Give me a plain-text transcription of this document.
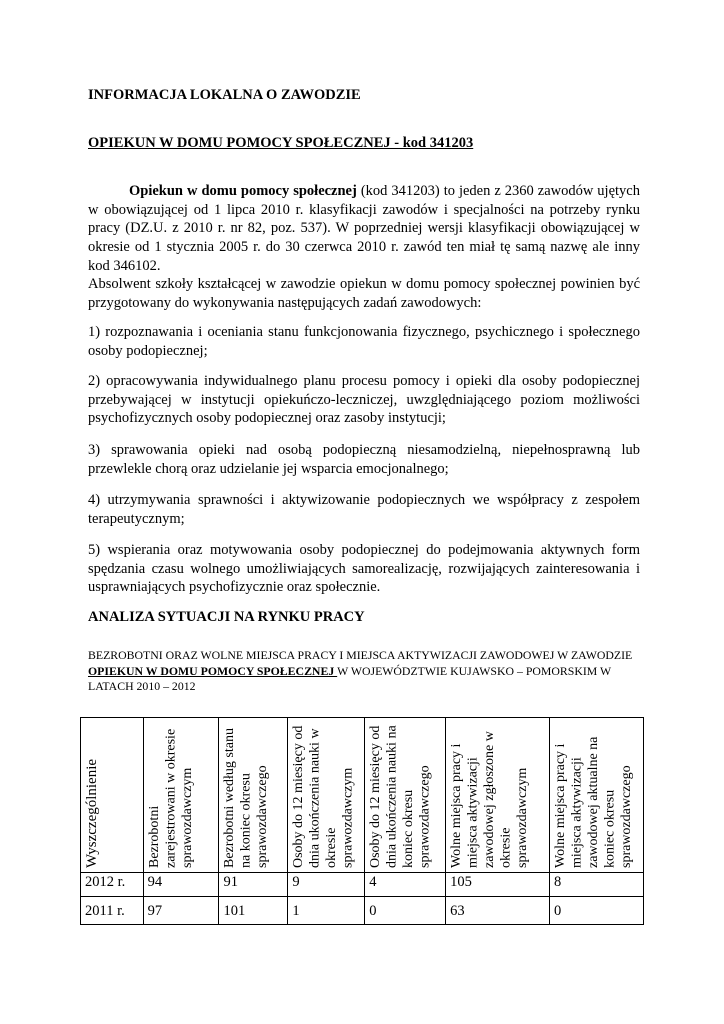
INFORMACJA LOKALNA O ZAWODZIE
OPIEKUN W DOMU POMOCY SPOŁECZNEJ - kod 341203

Opiekun w domu pomocy społecznej (kod 341203) to jeden z 2360 zawodów ujętych w obowiązującej od 1 lipca 2010 r. klasyfikacji zawodów i specjalności na potrzeby rynku pracy (DZ.U. z 2010 r. nr 82, poz. 537). W poprzedniej wersji klasyfikacji obowiązującej w okresie od 1 stycznia 2005 r. do 30 czerwca 2010 r. zawód ten miał tę samą nazwę ale inny kod 346102.

Absolwent szkoły kształcącej w zawodzie opiekun w domu pomocy społecznej powinien być przygotowany do wykonywania następujących zadań zawodowych:

1) rozpoznawania i oceniania stanu funkcjonowania fizycznego, psychicznego i społecznego osoby podopiecznej;

2) opracowywania indywidualnego planu procesu pomocy i opieki dla osoby podopiecznej przebywającej w instytucji opiekuńczo-leczniczej, uwzględniającego poziom możliwości psychofizycznych osoby podopiecznej oraz zasoby instytucji;

3) sprawowania opieki nad osobą podopieczną niesamodzielną, niepełnosprawną lub przewlekle chorą oraz udzielanie jej wsparcia emocjonalnego;

4) utrzymywania sprawności i aktywizowanie podopiecznych we współpracy z zespołem terapeutycznym;

5) wspierania oraz motywowania osoby podopiecznej do podejmowania aktywnych form spędzania czasu wolnego umożliwiających samorealizację, rozwijających zainteresowania i usprawniających psychofizycznie oraz społecznie.

ANALIZA SYTUACJI NA RYNKU PRACY

BEZROBOTNI ORAZ WOLNE MIEJSCA PRACY I MIEJSCA AKTYWIZACJI ZAWODOWEJ W ZAWODZIE OPIEKUN W DOMU POMOCY SPOŁECZNEJ W WOJEWÓDZTWIE KUJAWSKO – POMORSKIM W LATACH 2010 – 2012

Wyszczególnienie	Bezrobotni zarejestrowani w okresie sprawozdawczym	Bezrobotni według stanu na koniec okresu sprawozdawczego	Osoby do 12 miesięcy od dnia ukończenia nauki w okresie sprawozdawczym	Osoby do 12 miesięcy od dnia ukończenia nauki na koniec okresu sprawozdawczego	Wolne miejsca pracy i miejsca aktywizacji zawodowej zgłoszone w okresie sprawozdawczym	Wolne miejsca pracy i miejsca aktywizacji zawodowej aktualne na koniec okresu sprawozdawczego

2012 r.	94	91	9	4	105	8
2011 r.	97	101	1	0	63	0
